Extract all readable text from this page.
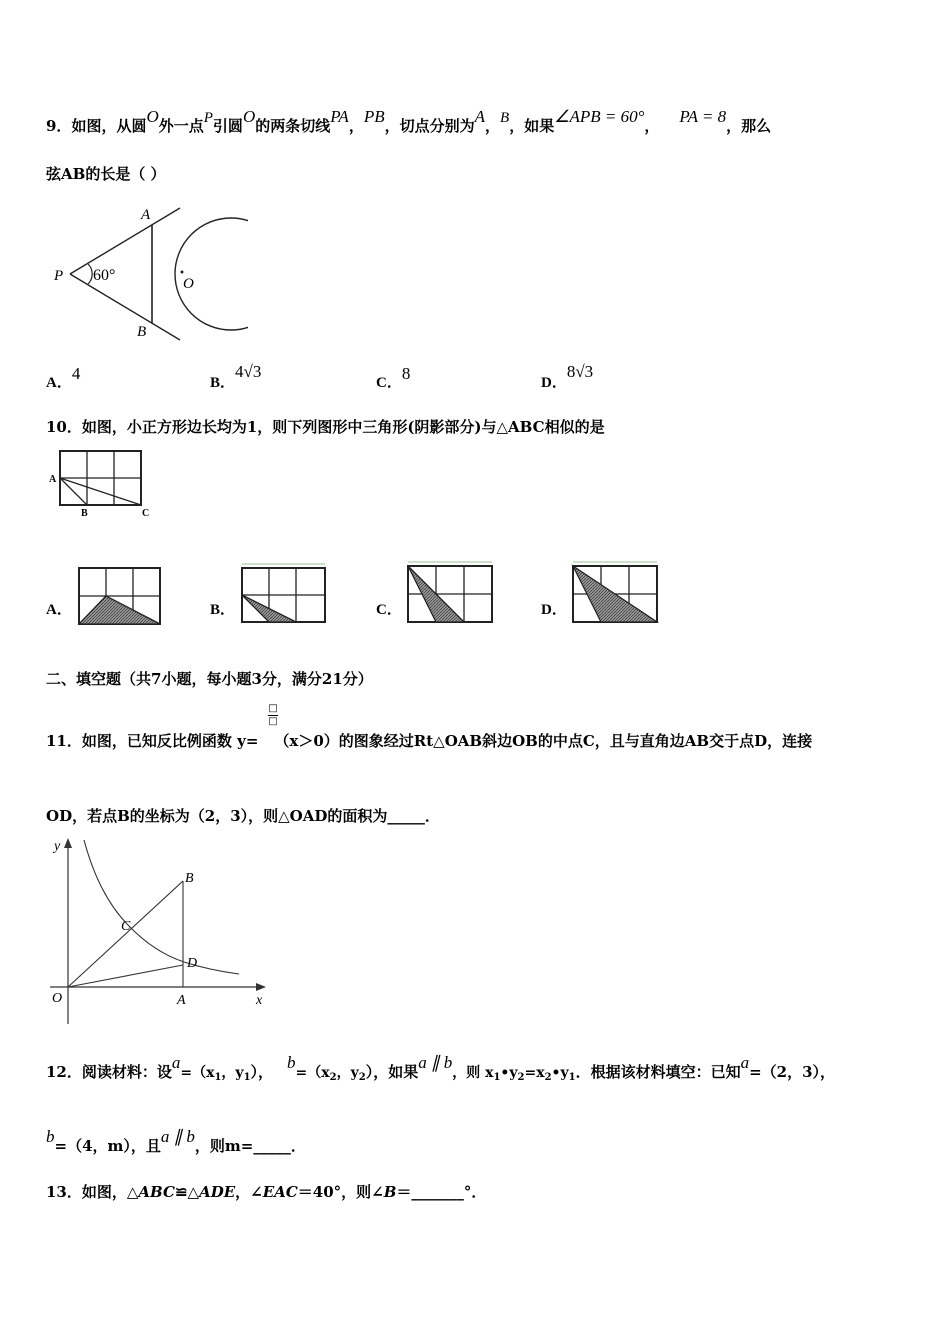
9．如图，从圆O外一点P引圆O的两条切线PA，PB，切点分别为A，B，如果∠APB = 60°， PA = 8，那么
弦AB的长是（ ）
A
B
P	O
60°
A．4	B．4√3
C．8	D．8√3
10．如图，小正方形边长均为1，则下列图形中三角形(阴影部分)与△ABC相似的是
A
B	C
A．	B．	C．	D．
二、填空题（共7小题，每小题3分，满分21分）
□
□
11．如图，已知反比例函数 y= （x＞0）的图象经过Rt△OAB斜边OB的中点C，且与直角边AB交于点D，连接
OD，若点B的坐标为（2，3），则△OAD的面积为_____．
y
x
O	A
B
C
D
12．阅读材料：设$a=(x_1$，$y_1$）， $b=(x_2$，$y_2$），如果a ∥ b，则 $x_1•y_2=x_2•y_1$．根据该材料填空：已知a=（2，3），
b=（4，m），且a ∥ b，则m=_____．
13．如图，△ABC≌△ADE，∠EAC＝40°，则∠B＝_______°．
